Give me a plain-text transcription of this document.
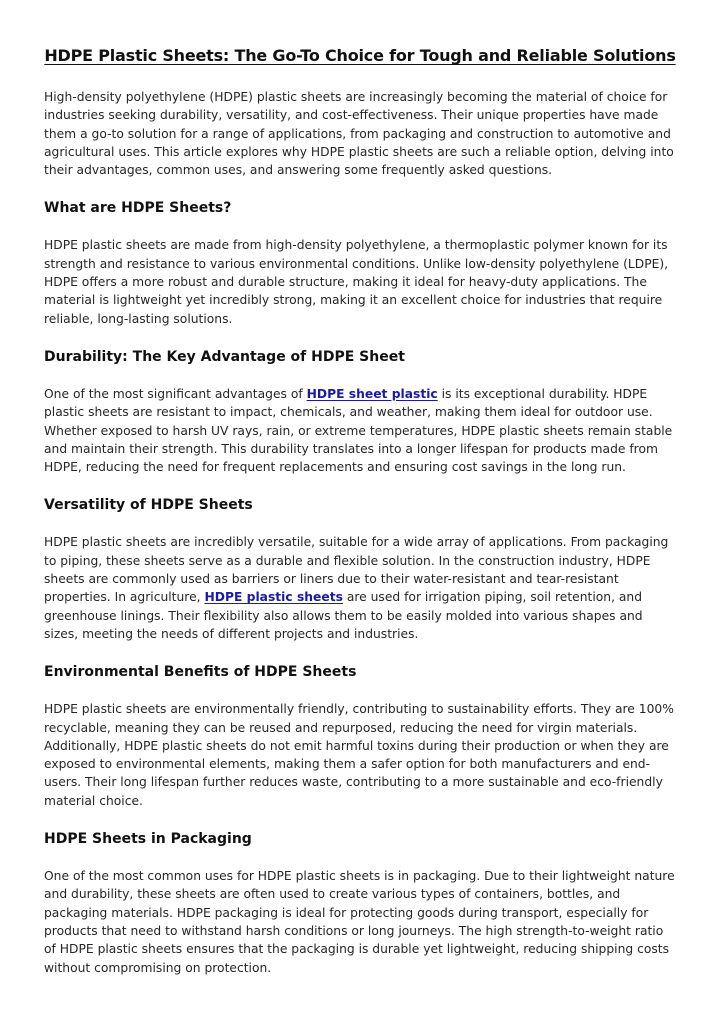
HDPE Plastic Sheets: The Go-To Choice for Tough and Reliable Solutions

High-density polyethylene (HDPE) plastic sheets are increasingly becoming the material of choice for industries seeking durability, versatility, and cost-effectiveness. Their unique properties have made them a go-to solution for a range of applications, from packaging and construction to automotive and agricultural uses. This article explores why HDPE plastic sheets are such a reliable option, delving into their advantages, common uses, and answering some frequently asked questions.

What are HDPE Sheets?

HDPE plastic sheets are made from high-density polyethylene, a thermoplastic polymer known for its strength and resistance to various environmental conditions. Unlike low-density polyethylene (LDPE), HDPE offers a more robust and durable structure, making it ideal for heavy-duty applications. The material is lightweight yet incredibly strong, making it an excellent choice for industries that require reliable, long-lasting solutions.

Durability: The Key Advantage of HDPE Sheet

One of the most significant advantages of HDPE sheet plastic is its exceptional durability. HDPE plastic sheets are resistant to impact, chemicals, and weather, making them ideal for outdoor use. Whether exposed to harsh UV rays, rain, or extreme temperatures, HDPE plastic sheets remain stable and maintain their strength. This durability translates into a longer lifespan for products made from HDPE, reducing the need for frequent replacements and ensuring cost savings in the long run.

Versatility of HDPE Sheets

HDPE plastic sheets are incredibly versatile, suitable for a wide array of applications. From packaging to piping, these sheets serve as a durable and flexible solution. In the construction industry, HDPE sheets are commonly used as barriers or liners due to their water-resistant and tear-resistant properties. In agriculture, HDPE plastic sheets are used for irrigation piping, soil retention, and greenhouse linings. Their flexibility also allows them to be easily molded into various shapes and sizes, meeting the needs of different projects and industries.

Environmental Benefits of HDPE Sheets

HDPE plastic sheets are environmentally friendly, contributing to sustainability efforts. They are 100% recyclable, meaning they can be reused and repurposed, reducing the need for virgin materials. Additionally, HDPE plastic sheets do not emit harmful toxins during their production or when they are exposed to environmental elements, making them a safer option for both manufacturers and end-users. Their long lifespan further reduces waste, contributing to a more sustainable and eco-friendly material choice.

HDPE Sheets in Packaging

One of the most common uses for HDPE plastic sheets is in packaging. Due to their lightweight nature and durability, these sheets are often used to create various types of containers, bottles, and packaging materials. HDPE packaging is ideal for protecting goods during transport, especially for products that need to withstand harsh conditions or long journeys. The high strength-to-weight ratio of HDPE plastic sheets ensures that the packaging is durable yet lightweight, reducing shipping costs without compromising on protection.
